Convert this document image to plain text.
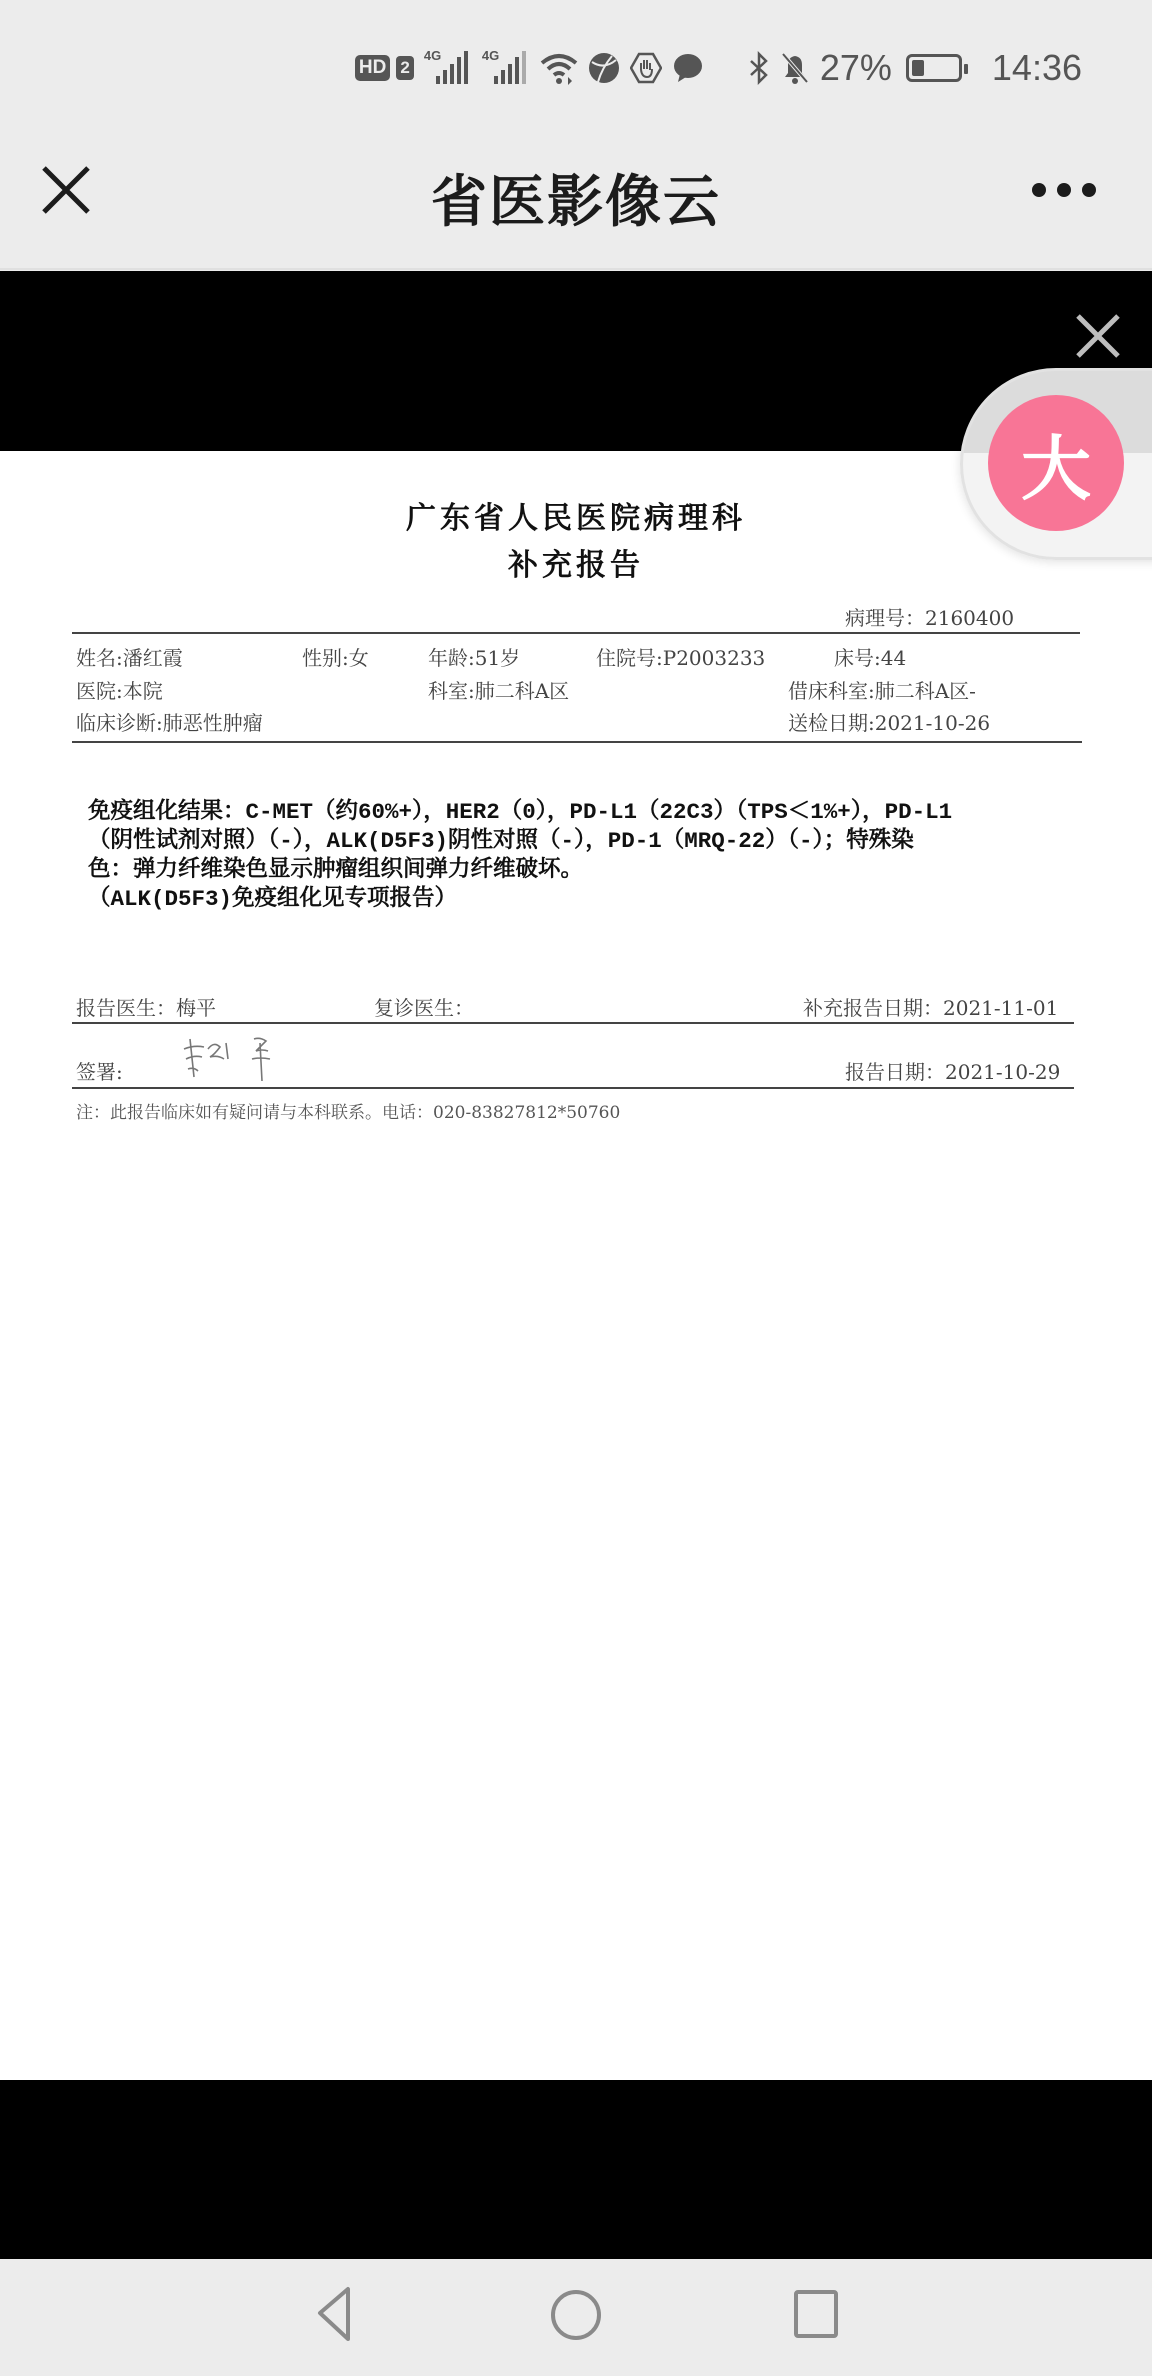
HD 2
4G	4G	27%	14:36
省医影像云
广东省人民医院病理科
补充报告
病理号：2160400
姓名:潘红霞	性别:女	年龄:51岁	住院号:P2003233	床号:44
医院:本院	科室:肺二科A区	借床科室:肺二科A区-
临床诊断:肺恶性肿瘤	送检日期:2021-10-26
免疫组化结果：C-MET（约60%+），HER2（0），PD-L1（22C3）（TPS＜1%+），PD-L1
（阴性试剂对照）（-），ALK(D5F3)阴性对照（-），PD-1（MRQ-22）（-）；特殊染
色：弹力纤维染色显示肿瘤组织间弹力纤维破坏。
（ALK(D5F3)免疫组化见专项报告）
报告医生：梅平	复诊医生：	补充报告日期：2021-11-01
签署:	报告日期：2021-10-29
注：此报告临床如有疑问请与本科联系。电话：020-83827812*50760
大
